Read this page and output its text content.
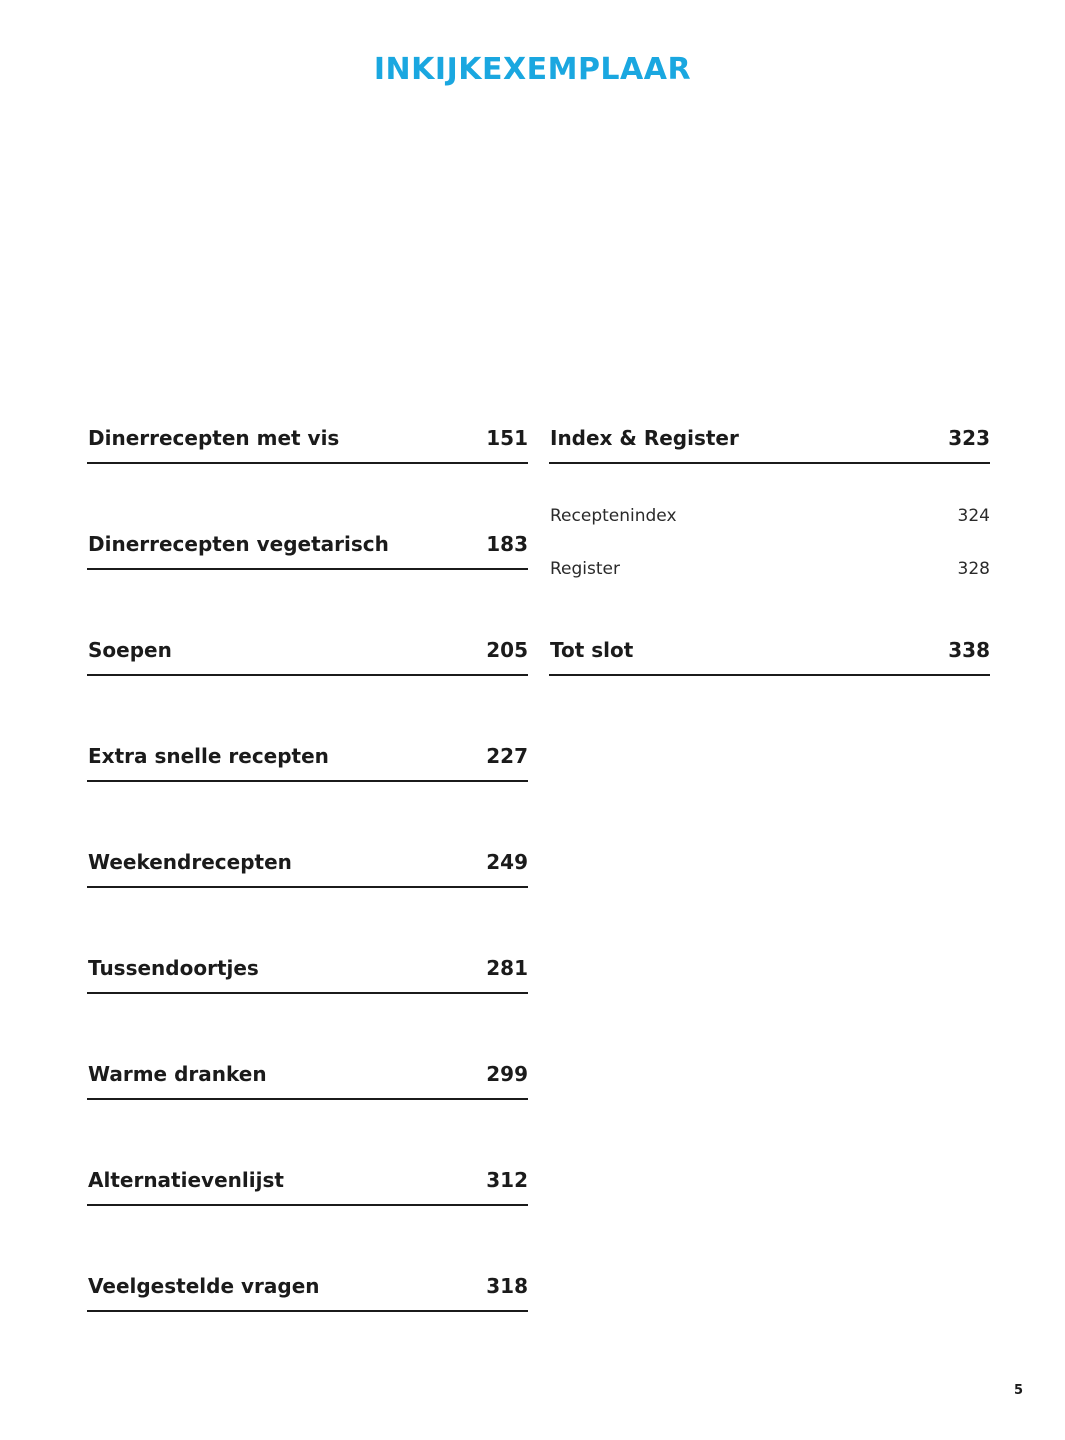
INKIJKEXEMPLAAR
Dinerrecepten met vis	151
Dinerrecepten vegetarisch	183
Soepen	205
Extra snelle recepten	227
Weekendrecepten	249
Tussendoortjes	281
Warme dranken	299
Alternatievenlijst	312
Veelgestelde vragen	318
Index & Register	323
Receptenindex	324
Register	328
Tot slot	338
5
